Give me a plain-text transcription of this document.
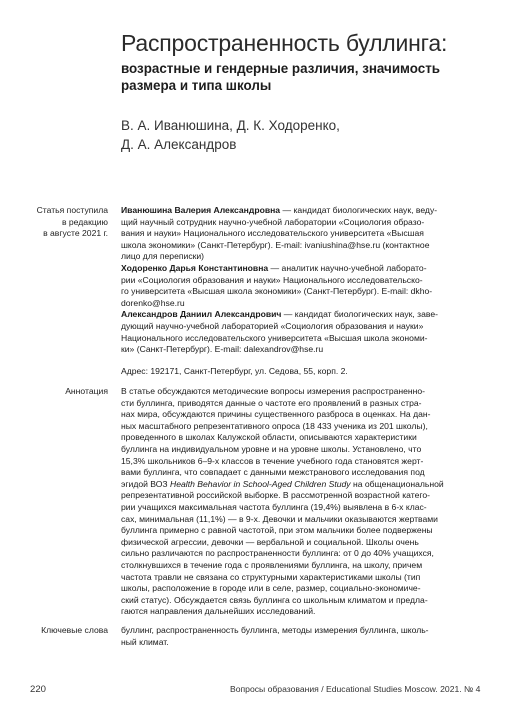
Распространенность буллинга:
возрастные и гендерные различия, значимость
размера и типа школы
В. А. Иванюшина, Д. К. Ходоренко,
Д. А. Александров
Статья поступила
в редакцию
в августе 2021 г.
Иванюшина Валерия Александровна — кандидат биологических наук, веду-
щий научный сотрудник научно-учебной лаборатории «Социология образо-
вания и науки» Национального исследовательского университета «Высшая
школа экономики» (Санкт-Петербург). E-mail: ivaniushina@hse.ru (контактное
лицо для переписки)
Ходоренко Дарья Константиновна — аналитик научно-учебной лаборато-
рии «Социология образования и науки» Национального исследовательско-
го университета «Высшая школа экономики» (Санкт-Петербург). E-mail: dkho-
dorenko@hse.ru
Александров Даниил Александрович — кандидат биологических наук, заве-
дующий научно-учебной лабораторией «Социология образования и науки»
Национального исследовательского университета «Высшая школа экономи-
ки» (Санкт-Петербург). E-mail: dalexandrov@hse.ru
Адрес: 192171, Санкт-Петербург, ул. Седова, 55, корп. 2.
Аннотация В статье обсуждаются методические вопросы измерения распространенно-
сти буллинга, приводятся данные о частоте его проявлений в разных стра-
нах мира, обсуждаются причины существенного разброса в оценках. На дан-
ных масштабного репрезентативного опроса (18 433 ученика из 201 школы),
проведенного в школах Калужской области, описываются характеристики
буллинга на индивидуальном уровне и на уровне школы. Установлено, что
15,3% школьников 6–9-х классов в течение учебного года становятся жерт-
вами буллинга, что совпадает с данными межстранового исследования под
эгидой ВОЗ Health Behavior in School-Aged Children Study на общенациональной
репрезентативной российской выборке. В рассмотренной возрастной катего-
рии учащихся максимальная частота буллинга (19,4%) выявлена в 6-х клас-
сах, минимальная (11,1%) — в 9-х. Девочки и мальчики оказываются жертвами
буллинга примерно с равной частотой, при этом мальчики более подвержены
физической агрессии, девочки — вербальной и социальной. Школы очень
сильно различаются по распространенности буллинга: от 0 до 40% учащихся,
столкнувшихся в течение года с проявлениями буллинга, на школу, причем
частота травли не связана со структурными характеристиками школы (тип
школы, расположение в городе или в селе, размер, социально-экономиче-
ский статус). Обсуждается связь буллинга со школьным климатом и предла-
гаются направления дальнейших исследований.
Ключевые слова буллинг, распространенность буллинга, методы измерения буллинга, школь-
ный климат.
220	Вопросы образования / Educational Studies Moscow. 2021. № 4
